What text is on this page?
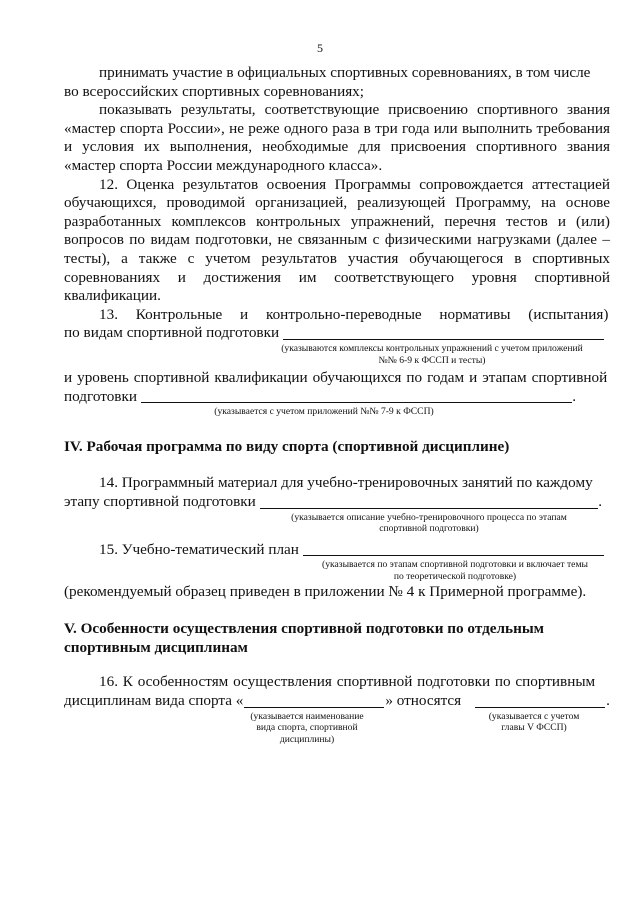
5

принимать участие в официальных спортивных соревнованиях, в том числе

во всероссийских спортивных соревнованиях;

показывать результаты, соответствующие присвоению спортивного звания «мастер спорта России», не реже одного раза в три года или выполнить требования и условия их выполнения, необходимые для присвоения спортивного звания «мастер спорта России международного класса».

12. Оценка результатов освоения Программы сопровождается аттестацией обучающихся, проводимой организацией, реализующей Программу, на основе разработанных комплексов контрольных упражнений, перечня тестов и (или) вопросов по видам подготовки, не связанным с физическими нагрузками (далее – тесты), а также с учетом результатов участия обучающегося в спортивных соревнованиях и достижения им соответствующего уровня спортивной квалификации.

13. Контрольные и контрольно-переводные нормативы (испытания)

по видам спортивной подготовки
(указываются комплексы контрольных упражнений с учетом приложений
№№ 6-9 к ФССП и тесты)

и уровень спортивной квалификации обучающихся по годам и этапам спортивной

подготовки	.
(указывается с учетом приложений №№ 7-9 к ФССП)

IV. Рабочая программа по виду спорта (спортивной дисциплине)

14. Программный материал для учебно-тренировочных занятий по каждому

этапу спортивной подготовки	.
(указывается описание учебно-тренировочного процесса по этапам
спортивной подготовки)
15. Учебно-тематический план
(указывается по этапам спортивной подготовки и включает темы
по теоретической подготовке)

(рекомендуемый образец приведен в приложении № 4 к Примерной программе).

V. Особенности осуществления спортивной подготовки по отдельным

спортивным дисциплинам

16. К особенностям осуществления спортивной подготовки по спортивным

дисциплинам вида спорта «	» относятся	.
(указывается наименование
вида спорта, спортивной
дисциплины)
(указывается с учетом
главы V ФССП)
